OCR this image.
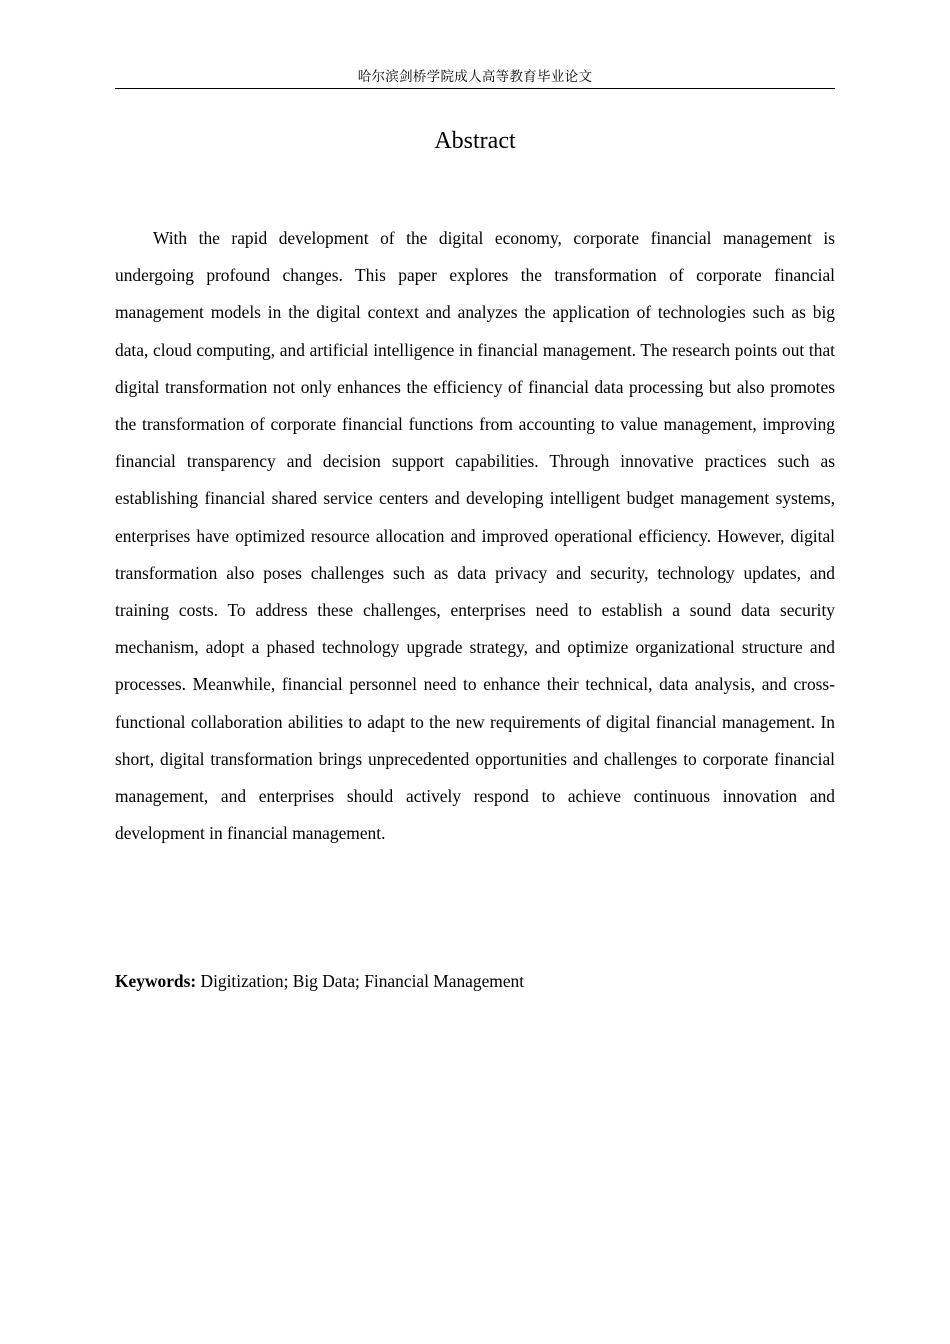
哈尔滨剑桥学院成人高等教育毕业论文
Abstract

With the rapid development of the digital economy, corporate financial management is undergoing profound changes. This paper explores the transformation of corporate financial management models in the digital context and analyzes the application of technologies such as big data, cloud computing, and artificial intelligence in financial management. The research points out that digital transformation not only enhances the efficiency of financial data processing but also promotes the transformation of corporate financial functions from accounting to value management, improving financial transparency and decision support capabilities. Through innovative practices such as establishing financial shared service centers and developing intelligent budget management systems, enterprises have optimized resource allocation and improved operational efficiency. However, digital transformation also poses challenges such as data privacy and security, technology updates, and training costs. To address these challenges, enterprises need to establish a sound data security mechanism, adopt a phased technology upgrade strategy, and optimize organizational structure and processes. Meanwhile, financial personnel need to enhance their technical, data analysis, and cross-functional collaboration abilities to adapt to the new requirements of digital financial management. In short, digital transformation brings unprecedented opportunities and challenges to corporate financial management, and enterprises should actively respond to achieve continuous innovation and development in financial management.

Keywords: Digitization; Big Data; Financial Management
